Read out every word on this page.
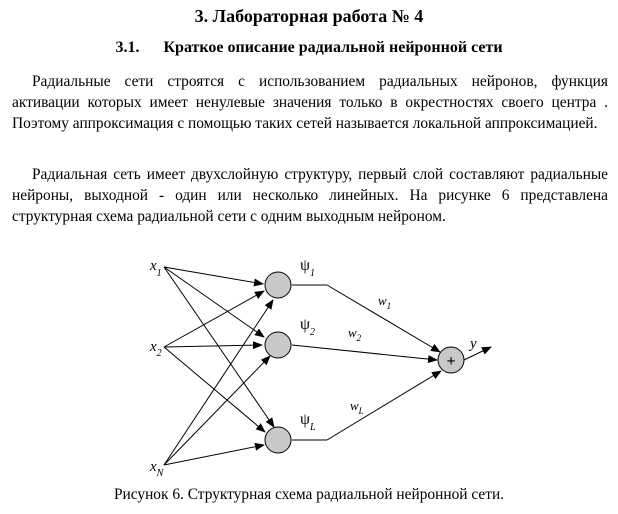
3. Лабораторная работа № 4
3.1. Краткое описание радиальной нейронной сети
Радиальные сети строятся с использованием радиальных нейронов, функция активации которых имеет ненулевые значения только в окрестностях своего центра . Поэтому аппроксимация с помощью таких сетей называется локальной аппроксимацией.
Радиальная сеть имеет двухслойную структуру, первый слой составляют радиальные нейроны, выходной - один или несколько линейных. На рисунке 6 представлена структурная схема радиальной сети с одним выходным нейроном.
+
$x_1$
$x_2$
$x_N$
$\psi_1$
$\psi_2$
$\psi_L$
$w_1$
$w_2$
$w_L$
y
Рисунок 6. Структурная схема радиальной нейронной сети.
